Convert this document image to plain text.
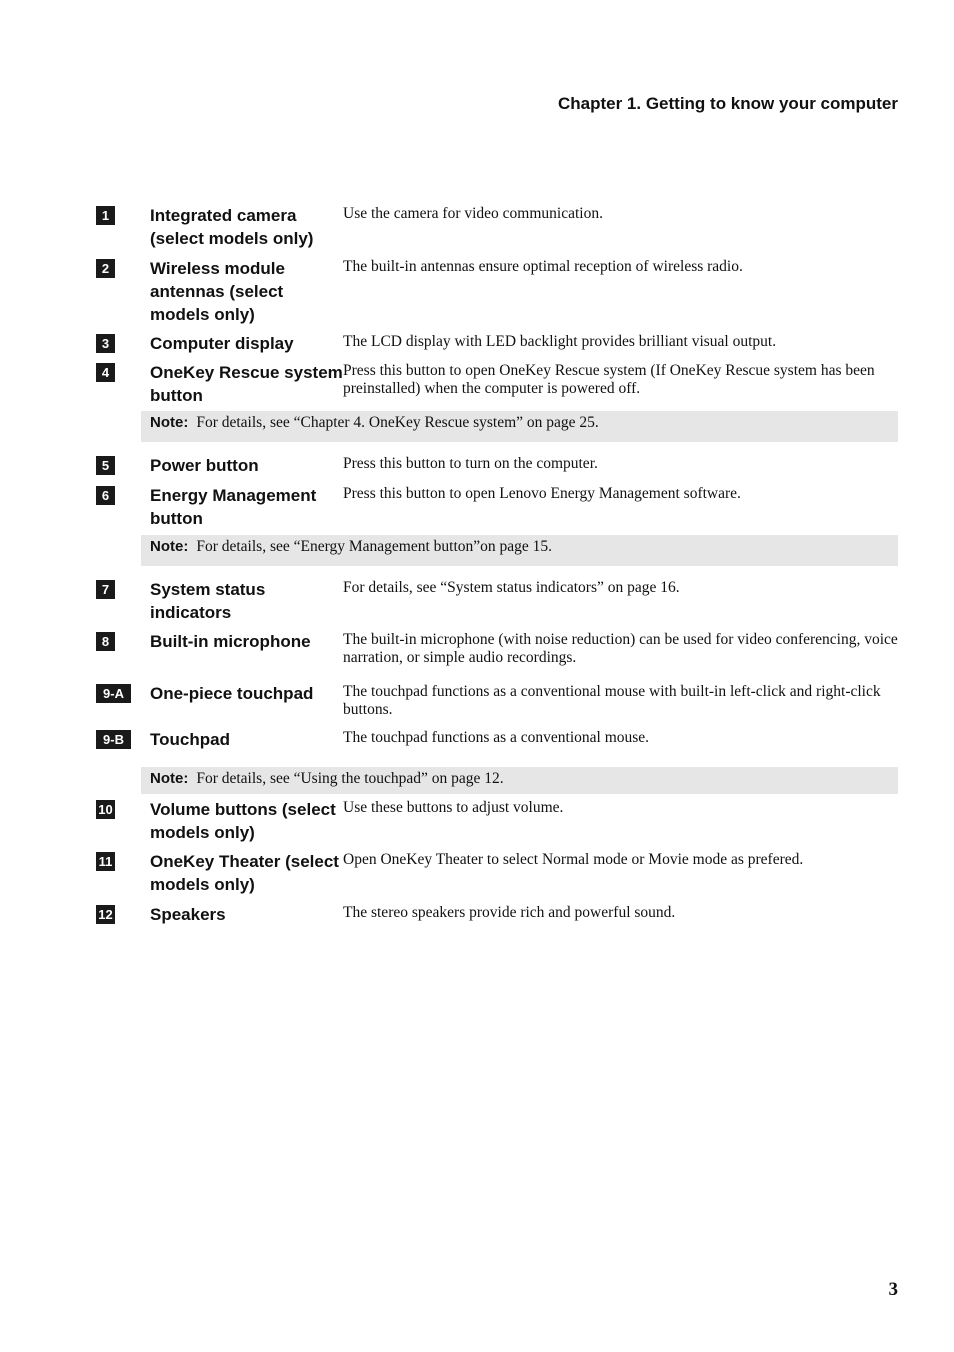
Chapter 1. Getting to know your computer
1	Integrated camera (select models only)
Use the camera for video communication.
2	Wireless module antennas (select models only)
The built-in antennas ensure optimal reception of wireless radio.
3	Computer display	The LCD display with LED backlight provides brilliant visual output.
4	OneKey Rescue system button
Press this button to open OneKey Rescue system (If OneKey Rescue system has been preinstalled) when the computer is powered off.
Note: For details, see “Chapter 4. OneKey Rescue system” on page 25.
5	Power button	Press this button to turn on the computer.
6	Energy Management button
Press this button to open Lenovo Energy Management software.
Note: For details, see “Energy Management button”on page 15.
7	System status indicators
For details, see “System status indicators” on page 16.
8	Built-in microphone	The built-in microphone (with noise reduction) can be used for video conferencing, voice narration, or simple audio recordings.
9-A	One-piece touchpad	The touchpad functions as a conventional mouse with built-in left-click and right-click buttons.
9-B	Touchpad	The touchpad functions as a conventional mouse.
Note: For details, see “Using the touchpad” on page 12.
10	Volume buttons (select models only)
Use these buttons to adjust volume.
11	OneKey Theater (select models only)
Open OneKey Theater to select Normal mode or Movie mode as prefered.
12	Speakers	The stereo speakers provide rich and powerful sound.
3
